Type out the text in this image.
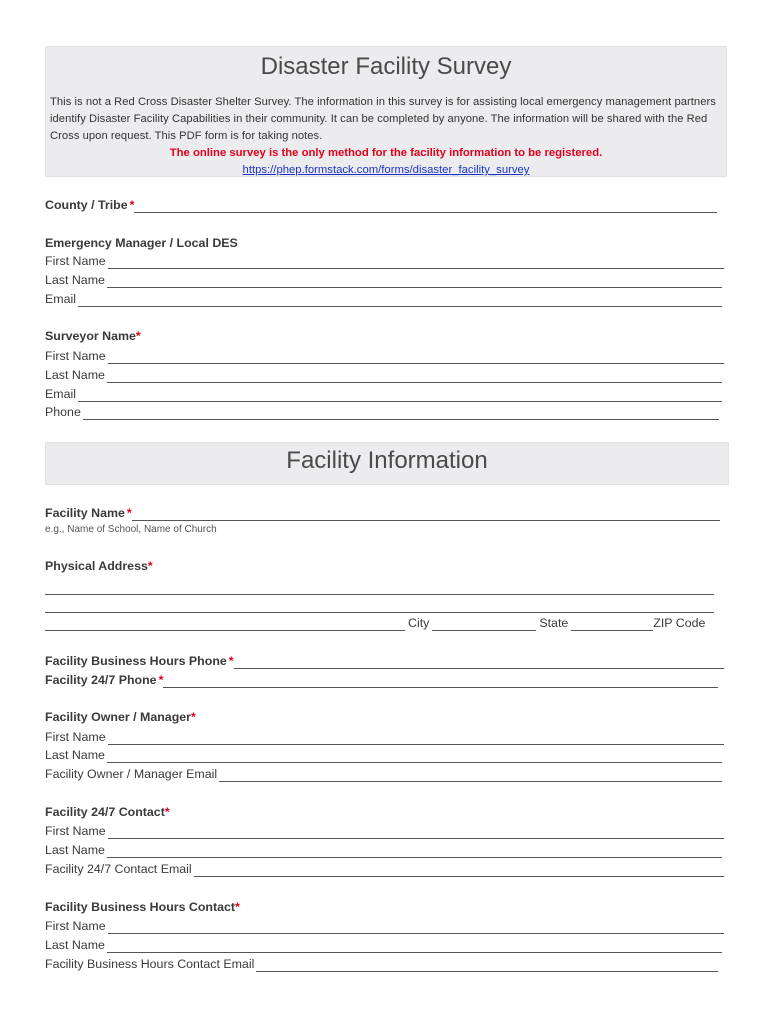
Disaster Facility Survey
This is not a Red Cross Disaster Shelter Survey. The information in this survey is for assisting local emergency management partners identify Disaster Facility Capabilities in their community. It can be completed by anyone. The information will be shared with the Red Cross upon request. This PDF form is for taking notes.
The online survey is the only method for the facility information to be registered.
https://phep.formstack.com/forms/disaster_facility_survey
County / Tribe *
Emergency Manager / Local DES
First Name
Last Name
Email
Surveyor Name*
First Name
Last Name
Email
Phone
Facility Information
Facility Name *
e.g., Name of School, Name of Church
Physical Address*
City	State	ZIP Code
Facility Business Hours Phone *
Facility 24/7 Phone *
Facility Owner / Manager*
First Name
Last Name
Facility Owner / Manager Email
Facility 24/7 Contact*
First Name
Last Name
Facility 24/7 Contact Email
Facility Business Hours Contact*
First Name
Last Name
Facility Business Hours Contact Email
